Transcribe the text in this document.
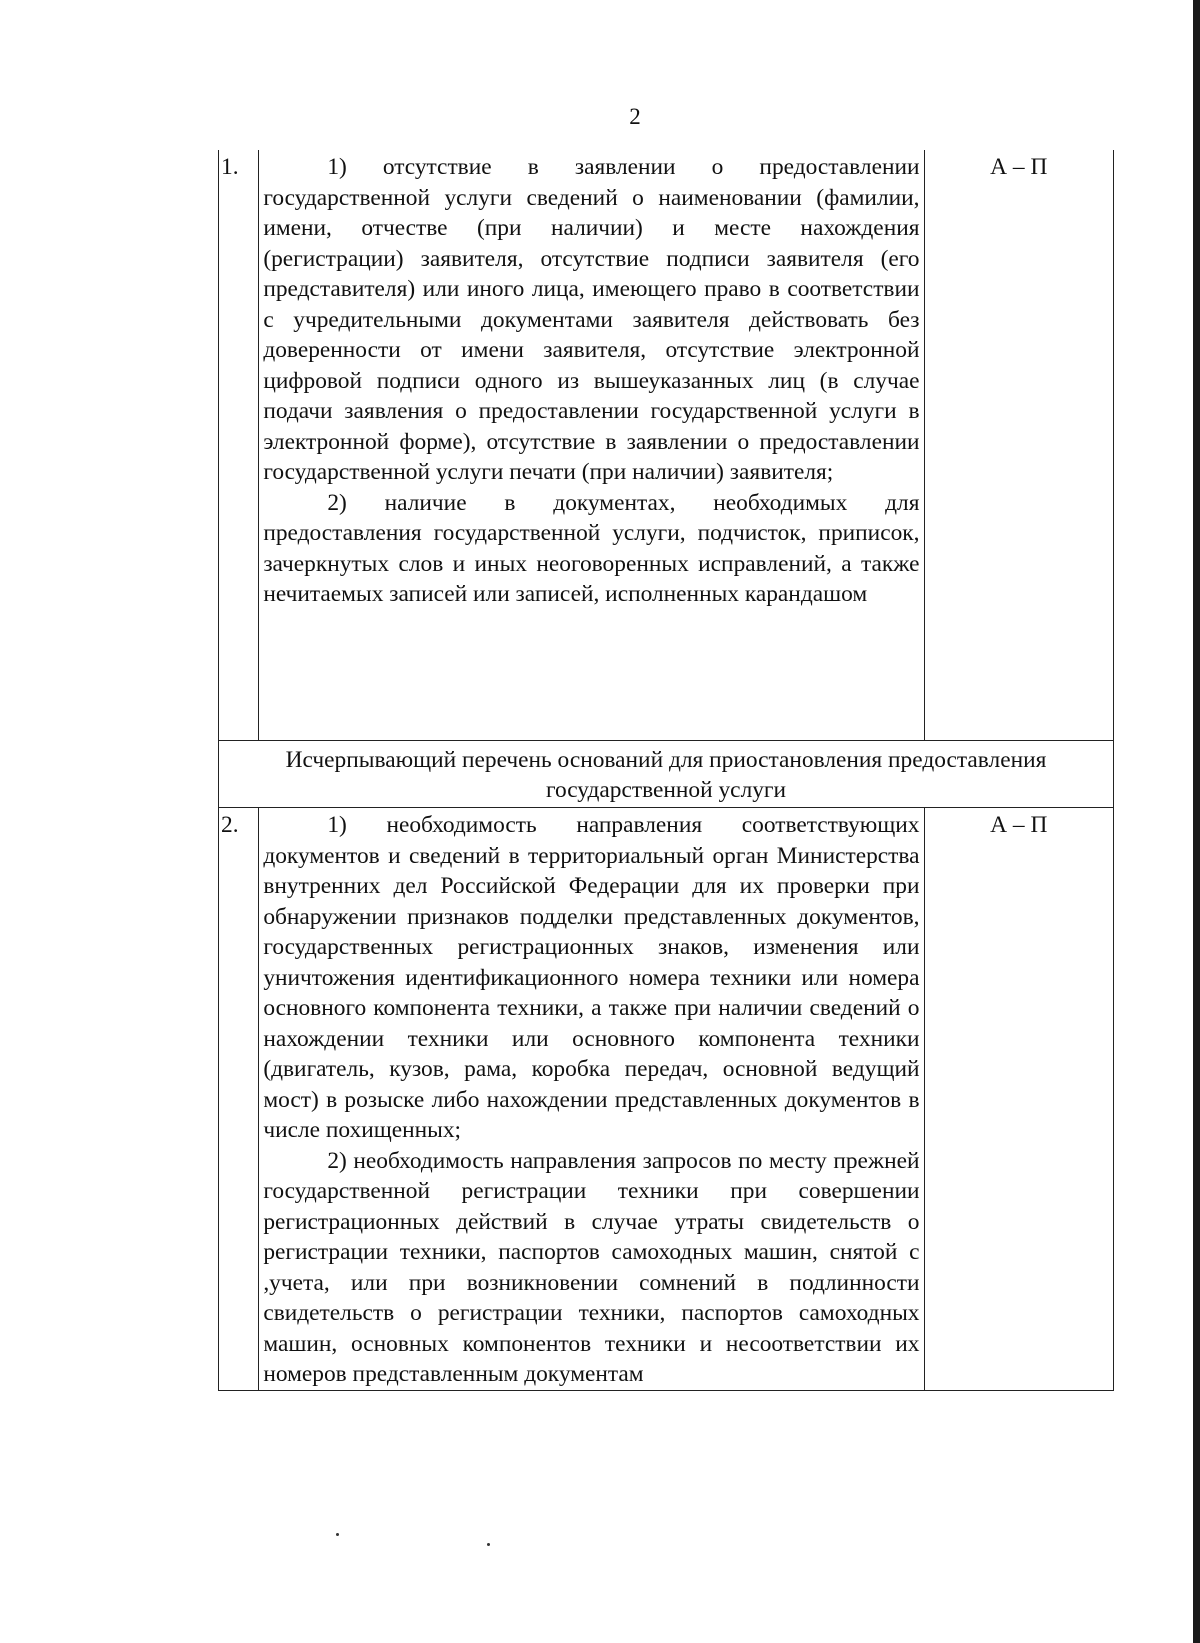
2
1.	1) отсутствие в заявлении о предоставлении государственной услуги сведений о наименовании (фамилии, имени, отчестве (при наличии) и месте нахождения (регистрации) заявителя, отсутствие подписи заявителя (его представителя) или иного лица, имеющего право в соответствии с учредительными документами заявителя действовать без доверенности от имени заявителя, отсутствие электронной цифровой подписи одного из вышеуказанных лиц (в случае подачи заявления о предоставлении государственной услуги в электронной форме), отсутствие в заявлении о предоставлении государственной услуги печати (при наличии) заявителя;

2) наличие в документах, необходимых для предоставления государственной услуги, подчисток, приписок, зачеркнутых слов и иных неоговоренных исправлений, а также нечитаемых записей или записей, исполненных карандашом	А – П
Исчерпывающий перечень оснований для приостановления предоставления государственной услуги		
2.	1) необходимость направления соответствующих документов и сведений в территориальный орган Министерства внутренних дел Российской Федерации для их проверки при обнаружении признаков подделки представленных документов, государственных регистрационных знаков, изменения или уничтожения идентификационного номера техники или номера основного компонента техники, а также при наличии сведений о нахождении техники или основного компонента техники (двигатель, кузов, рама, коробка передач, основной ведущий мост) в розыске либо нахождении представленных документов в числе похищенных;

2) необходимость направления запросов по месту прежней государственной регистрации техники при совершении регистрационных действий в случае утраты свидетельств о регистрации техники, паспортов самоходных машин, снятой с ,учета, или при возникновении сомнений в подлинности свидетельств о регистрации техники, паспортов самоходных машин, основных компонентов техники и несоответствии их номеров представленным документам	А – П
